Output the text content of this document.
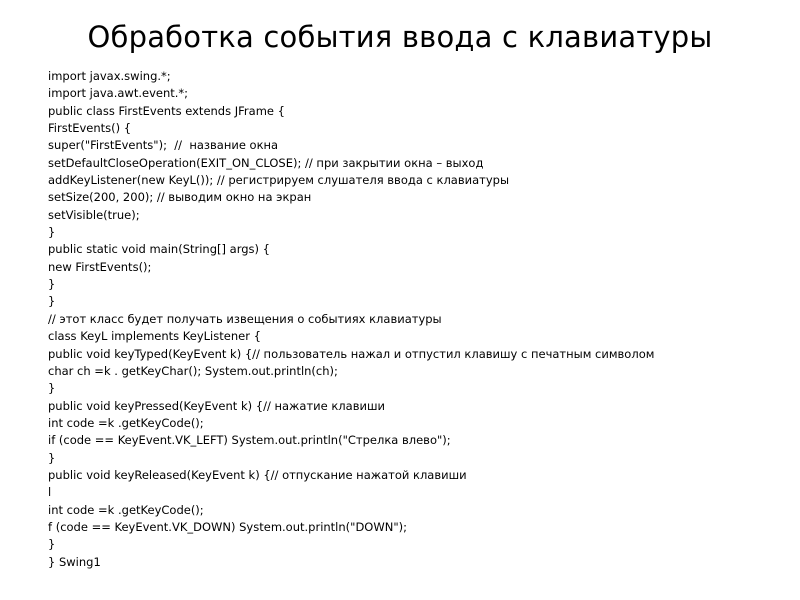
Обработка события ввода с клавиатуры
import javax.swing.*;
import java.awt.event.*;
public class FirstEvents extends JFrame {
FirstEvents() {
super("FirstEvents");  //  название окна
setDefaultCloseOperation(EXIT_ON_CLOSE); // при закрытии окна – выход
addKeyListener(new KeyL()); // регистрируем слушателя ввода с клавиатуры
setSize(200, 200); // выводим окно на экран
setVisible(true);
}
public static void main(String[] args) {
new FirstEvents();
}
}
// этот класс будет получать извещения о событиях клавиатуры
class KeyL implements KeyListener {
public void keyTyped(KeyEvent k) {// пользователь нажал и отпустил клавишу с печатным символом
char ch =k . getKeyChar(); System.out.println(ch);
}
public void keyPressed(KeyEvent k) {// нажатие клавиши
int code =k .getKeyCode();
if (code == KeyEvent.VK_LEFT) System.out.println("Стрелка влево");
}
public void keyReleased(KeyEvent k) {// отпускание нажатой клавиши
l
int code =k .getKeyCode();
f (code == KeyEvent.VK_DOWN) System.out.println("DOWN");
}
} Swing1
